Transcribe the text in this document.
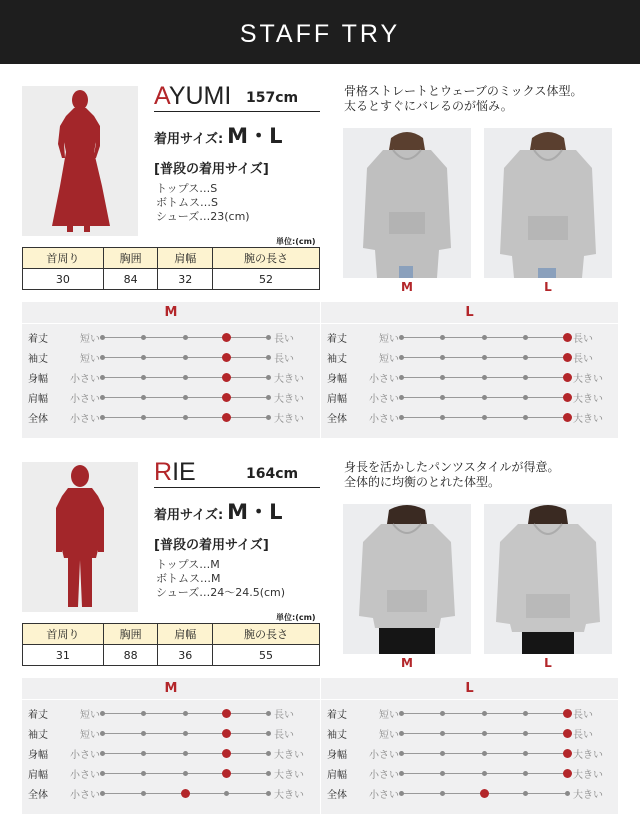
STAFF TRY
AYUMI 157cm
着用サイズ: M・L
[普段の着用サイズ]
トップス…S
ボトムス…S
シューズ…23(cm)
単位:(cm)
首周り	胸囲	肩幅	腕の長さ
30	84	32	52
骨格ストレートとウェーブのミックス体型。
太るとすぐにバレるのが悩み。
M	L
M
着丈	短い	長い
袖丈	短い	長い
身幅	小さい	大きい
肩幅	小さい	大きい
全体	小さい	大きい
L
着丈	短い	長い
袖丈	短い	長い
身幅	小さい	大きい
肩幅	小さい	大きい
全体	小さい	大きい
RIE	164cm
着用サイズ: M・L
[普段の着用サイズ]
トップス…M
ボトムス…M
シューズ…24〜24.5(cm)
単位:(cm)
首周り	胸囲	肩幅	腕の長さ
31	88	36	55
身長を活かしたパンツスタイルが得意。
全体的に均衡のとれた体型。
M	L
M
着丈	短い	長い
袖丈	短い	長い
身幅	小さい	大きい
肩幅	小さい	大きい
全体	小さい	大きい
L
着丈	短い	長い
袖丈	短い	長い
身幅	小さい	大きい
肩幅	小さい	大きい
全体	小さい	大きい
